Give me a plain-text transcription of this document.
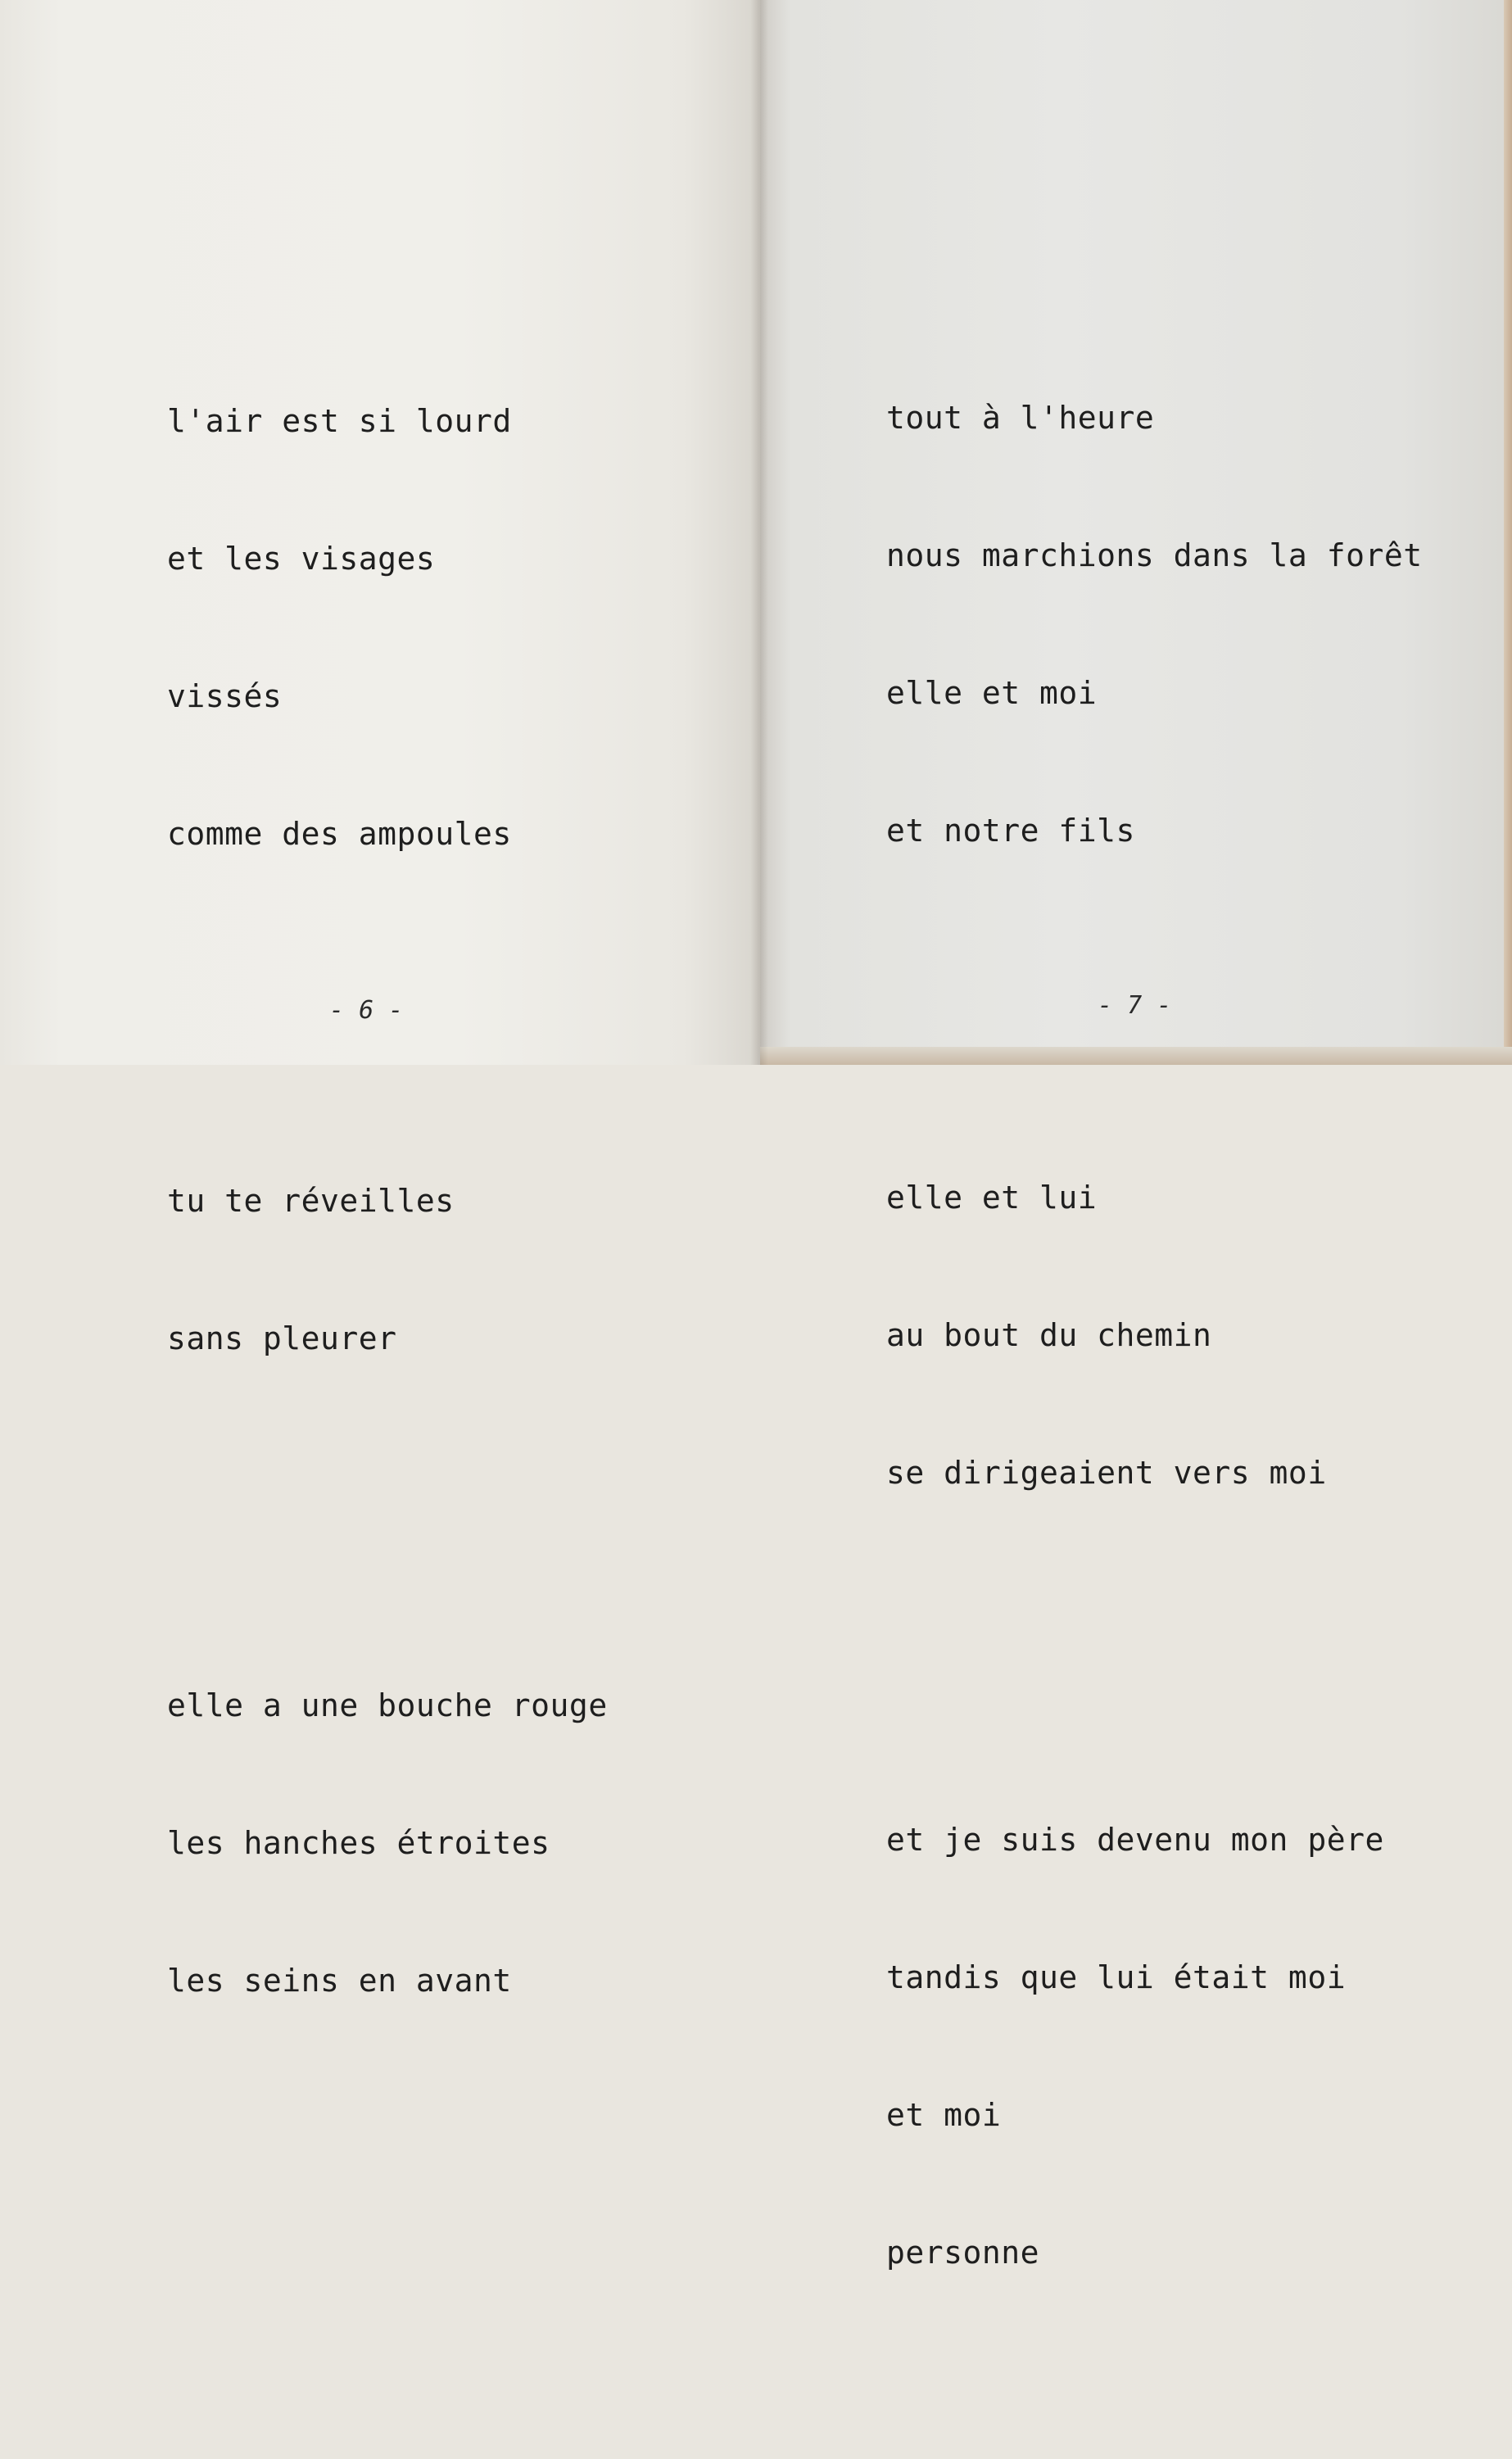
l'air est si lourd

et les visages

vissés

comme des ampoules

tu te réveilles

sans pleurer

elle a une bouche rouge

les hanches étroites

les seins en avant

- 6 -

tout à l'heure

nous marchions dans la forêt

elle et moi

et notre fils

elle et lui

au bout du chemin

se dirigeaient vers moi

et je suis devenu mon père

tandis que lui était moi

et moi

personne

- 7 -
